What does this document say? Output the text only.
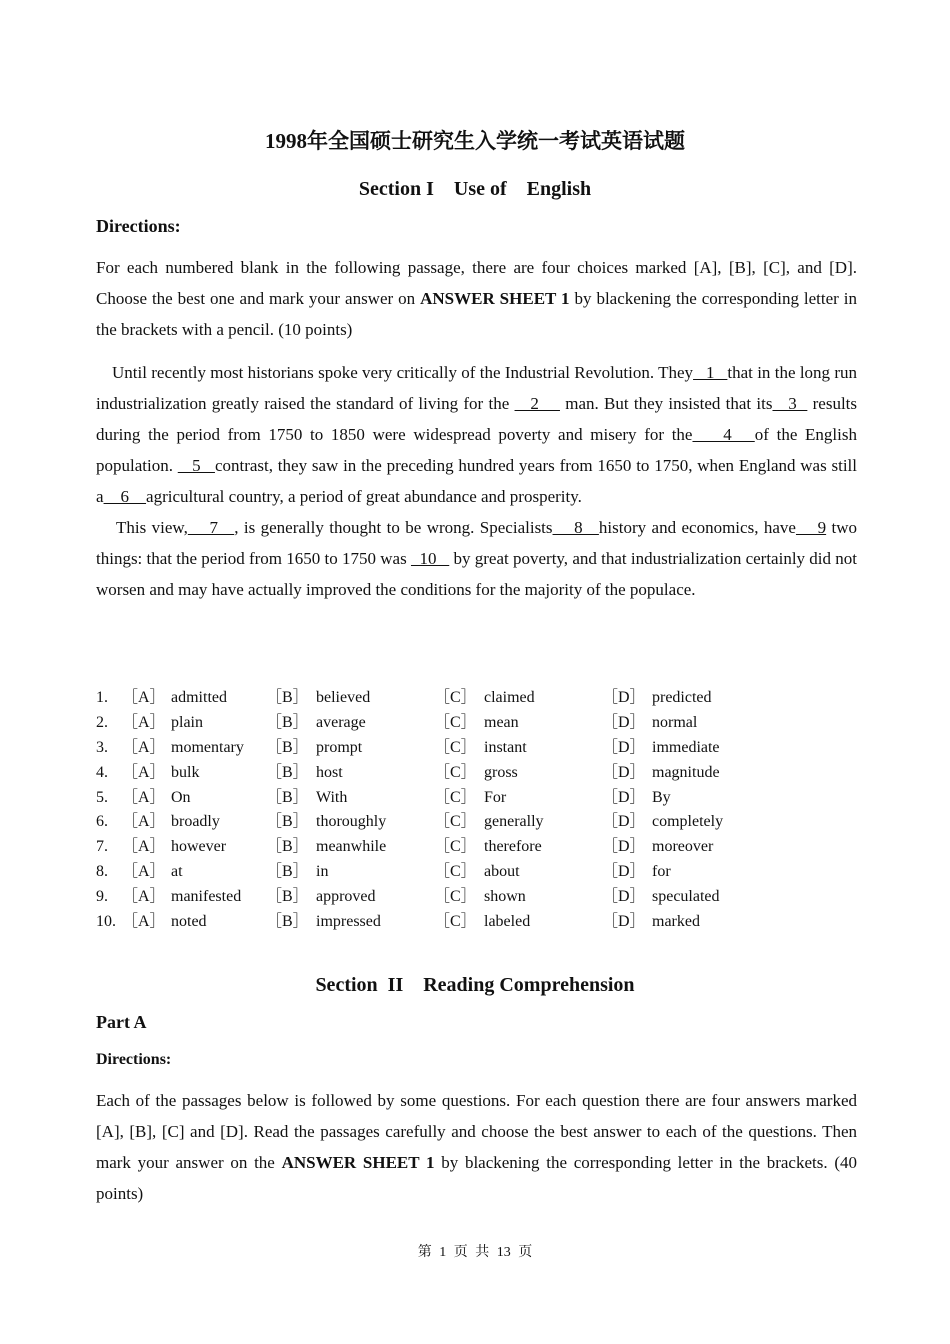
1998年全国硕士研究生入学统一考试英语试题
Section I    Use of    English
Directions:
For each numbered blank in the following passage, there are four choices marked [A], [B], [C], and [D]. Choose the best one and mark your answer on ANSWER SHEET 1 by blackening the corresponding letter in the brackets with a pencil. (10 points)

Until recently most historians spoke very critically of the Industrial Revolution. They   1   that in the long run industrialization greatly raised the standard of living for the    2     man. But they insisted that its   3   results during the period from 1750 to 1850 were widespread poverty and misery for the    4   of the English population.    5   contrast, they saw in the preceding hundred years from 1650 to 1750, when England was still a    6    agricultural country, a period of great abundance and prosperity.

This view,    7   , is generally thought to be wrong. Specialists    8   history and economics, have    9 two things: that the period from 1650 to 1750 was   10    by great poverty, and that industrialization certainly did not worsen and may have actually improved the conditions for the majority of the populace.

1. ［A］ admitted ［B］ believed	［C］ claimed	［D］ predicted
2. ［A］ plain	［B］ average	［C］ mean	［D］ normal
3. ［A］ momentary ［B］ prompt	［C］ instant	［D］ immediate
4. ［A］ bulk	［B］ host	［C］ gross	［D］ magnitude
5. ［A］ On	［B］ With	［C］ For	［D］ By
6. ［A］ broadly	［B］ thoroughly	［C］ generally	［D］ completely
7. ［A］ however ［B］ meanwhile	［C］ therefore	［D］ moreover
8. ［A］ at	［B］ in	［C］ about	［D］ for
9. ［A］ manifested ［B］ approved	［C］ shown	［D］ speculated
10. ［A］ noted	［B］ impressed	［C］ labeled	［D］ marked
Section  II    Reading Comprehension
Part A
Directions:
Each of the passages below is followed by some questions. For each question there are four answers marked [A], [B], [C] and [D]. Read the passages carefully and choose the best answer to each of the questions. Then mark your answer on the ANSWER SHEET 1 by blackening the corresponding letter in the brackets. (40 points)
第 1 页 共 13 页
